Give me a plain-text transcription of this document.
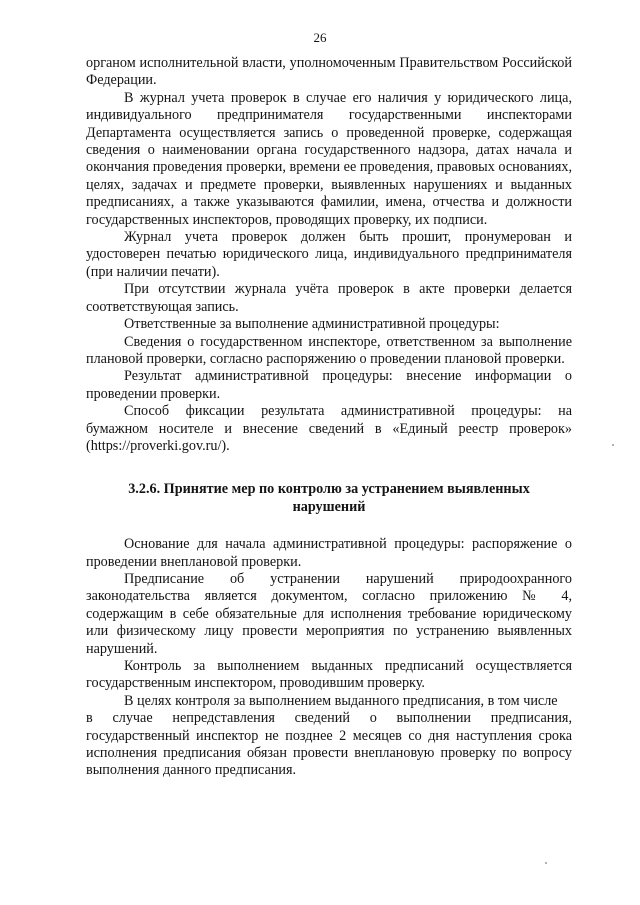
26

органом исполнительной власти, уполномоченным Правительством Российской Федерации.

В журнал учета проверок в случае его наличия у юридического лица, индивидуального предпринимателя государственными инспекторами Департамента осуществляется запись о проведенной проверке, содержащая сведения о наименовании органа государственного надзора, датах начала и окончания проведения проверки, времени ее проведения, правовых основаниях, целях, задачах и предмете проверки, выявленных нарушениях и выданных предписаниях, а также указываются фамилии, имена, отчества и должности государственных инспекторов, проводящих проверку, их подписи.

Журнал учета проверок должен быть прошит, пронумерован и удостоверен печатью юридического лица, индивидуального предпринимателя (при наличии печати).

При отсутствии журнала учёта проверок в акте проверки делается соответствующая запись.

Ответственные за выполнение административной процедуры:

Сведения о государственном инспекторе, ответственном за выполнение плановой проверки, согласно распоряжению о проведении плановой проверки.

Результат административной процедуры: внесение информации о проведении проверки.

Способ фиксации результата административной процедуры: на бумажном носителе и внесение сведений в «Единый реестр проверок» (https://proverki.gov.ru/).

3.2.6. Принятие мер по контролю за устранением выявленных нарушений

Основание для начала административной процедуры: распоряжение о проведении внеплановой проверки.

Предписание об устранении нарушений природоохранного законодательства является документом, согласно приложению № 4, содержащим в себе обязательные для исполнения требование юридическому или физическому лицу провести мероприятия по устранению выявленных нарушений.

Контроль за выполнением выданных предписаний осуществляется государственным инспектором, проводившим проверку.

В целях контроля за выполнением выданного предписания, в том числе

в случае непредставления сведений о выполнении предписания, государственный инспектор не позднее 2 месяцев со дня наступления срока исполнения предписания обязан провести внеплановую проверку по вопросу выполнения данного предписания.
